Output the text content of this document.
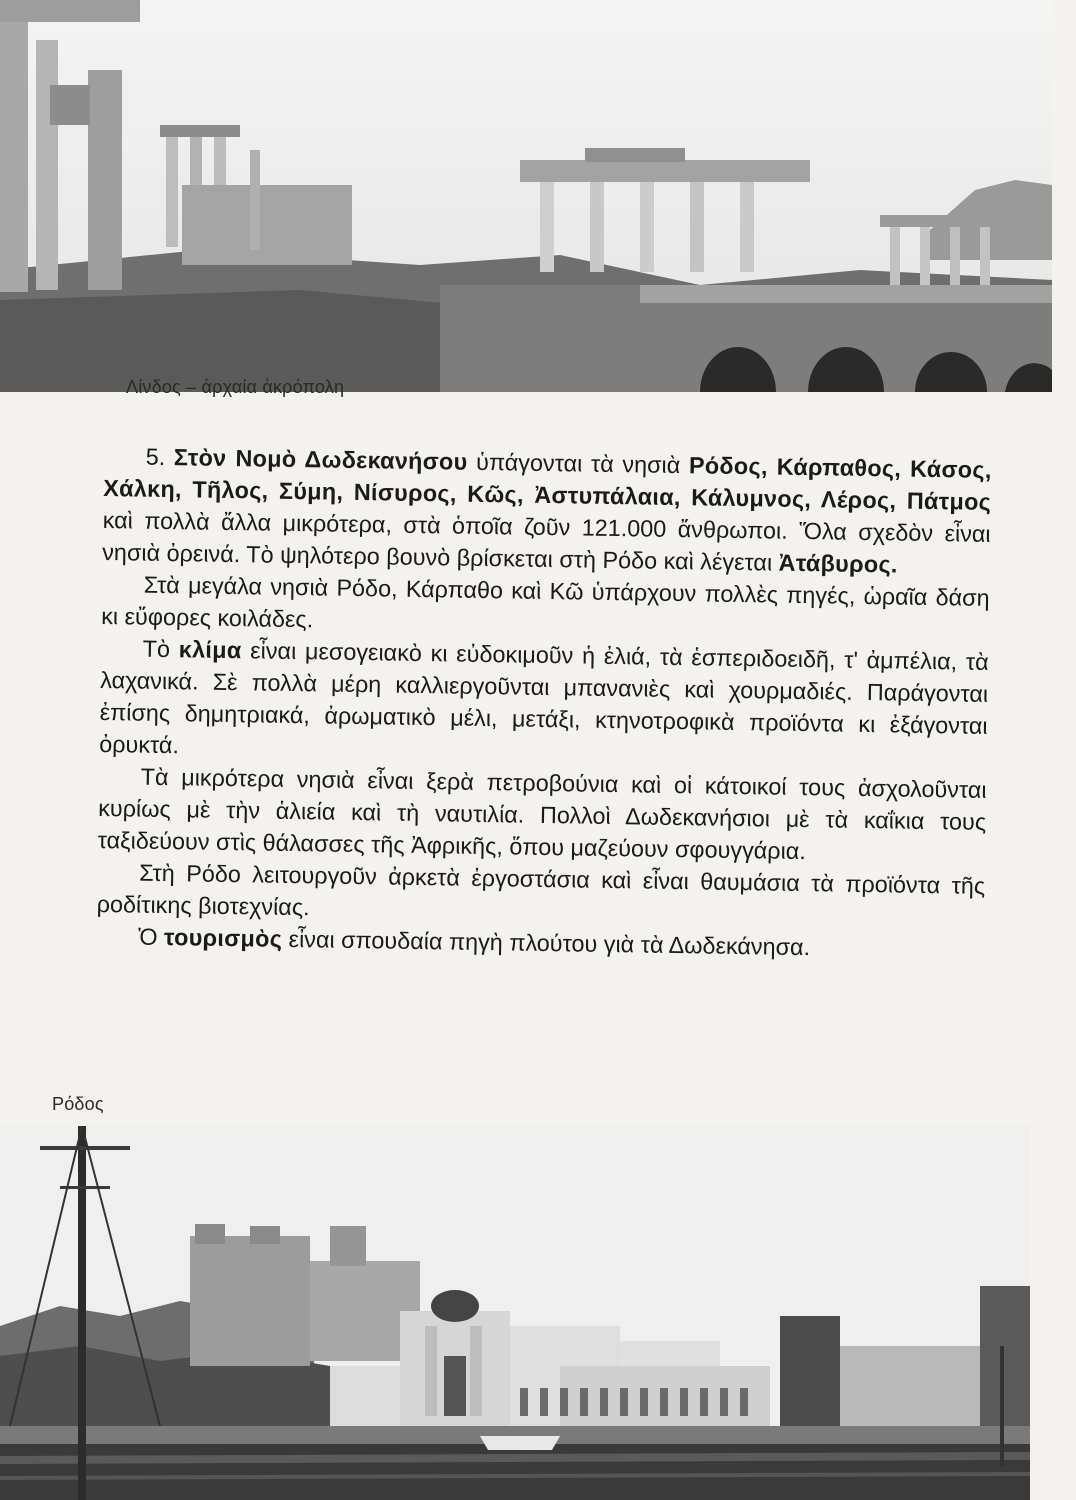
Λίνδος – ἀρχαία ἀκρόπολη

5. Στὸν Νομὸ Δωδεκανήσου ὑπάγονται τὰ νησιὰ Ρόδος, Κάρπαθος, Κάσος, Χάλκη, Τῆλος, Σύμη, Νίσυρος, Κῶς, Ἀστυπάλαια, Κάλυμνος, Λέρος, Πάτμος καὶ πολλὰ ἄλλα μικρότερα, στὰ ὁποῖα ζοῦν 121.000 ἄνθρωποι. Ὅλα σχεδὸν εἶναι νησιὰ ὀρεινά. Τὸ ψηλότερο βουνὸ βρίσκεται στὴ Ρόδο καὶ λέγεται Ἀτάβυρος.

Στὰ μεγάλα νησιὰ Ρόδο, Κάρπαθο καὶ Κῶ ὑπάρχουν πολλὲς πηγές, ὡραῖα δάση κι εὔφορες κοιλάδες.

Τὸ κλίμα εἶναι μεσογειακὸ κι εὐδοκιμοῦν ἡ ἐλιά, τὰ ἑσπεριδοειδῆ, τ' ἀμπέλια, τὰ λαχανικά. Σὲ πολλὰ μέρη καλλιεργοῦνται μπανανιὲς καὶ χουρμαδιές. Παράγονται ἐπίσης δημητριακά, ἀρωματικὸ μέλι, μετάξι, κτηνοτροφικὰ προϊόντα κι ἐξάγονται ὀρυκτά.

Τὰ μικρότερα νησιὰ εἶναι ξερὰ πετροβούνια καὶ οἱ κάτοικοί τους ἀσχολοῦνται κυρίως μὲ τὴν ἁλιεία καὶ τὴ ναυτιλία. Πολλοὶ Δωδεκανήσιοι μὲ τὰ καΐκια τους ταξιδεύουν στὶς θάλασσες τῆς Ἀφρικῆς, ὅπου μαζεύουν σφουγγάρια.

Στὴ Ρόδο λειτουργοῦν ἀρκετὰ ἐργοστάσια καὶ εἶναι θαυμάσια τὰ προϊόντα τῆς ροδίτικης βιοτεχνίας.

Ὁ τουρισμὸς εἶναι σπουδαία πηγὴ πλούτου γιὰ τὰ Δωδεκάνησα.

Ρόδος
